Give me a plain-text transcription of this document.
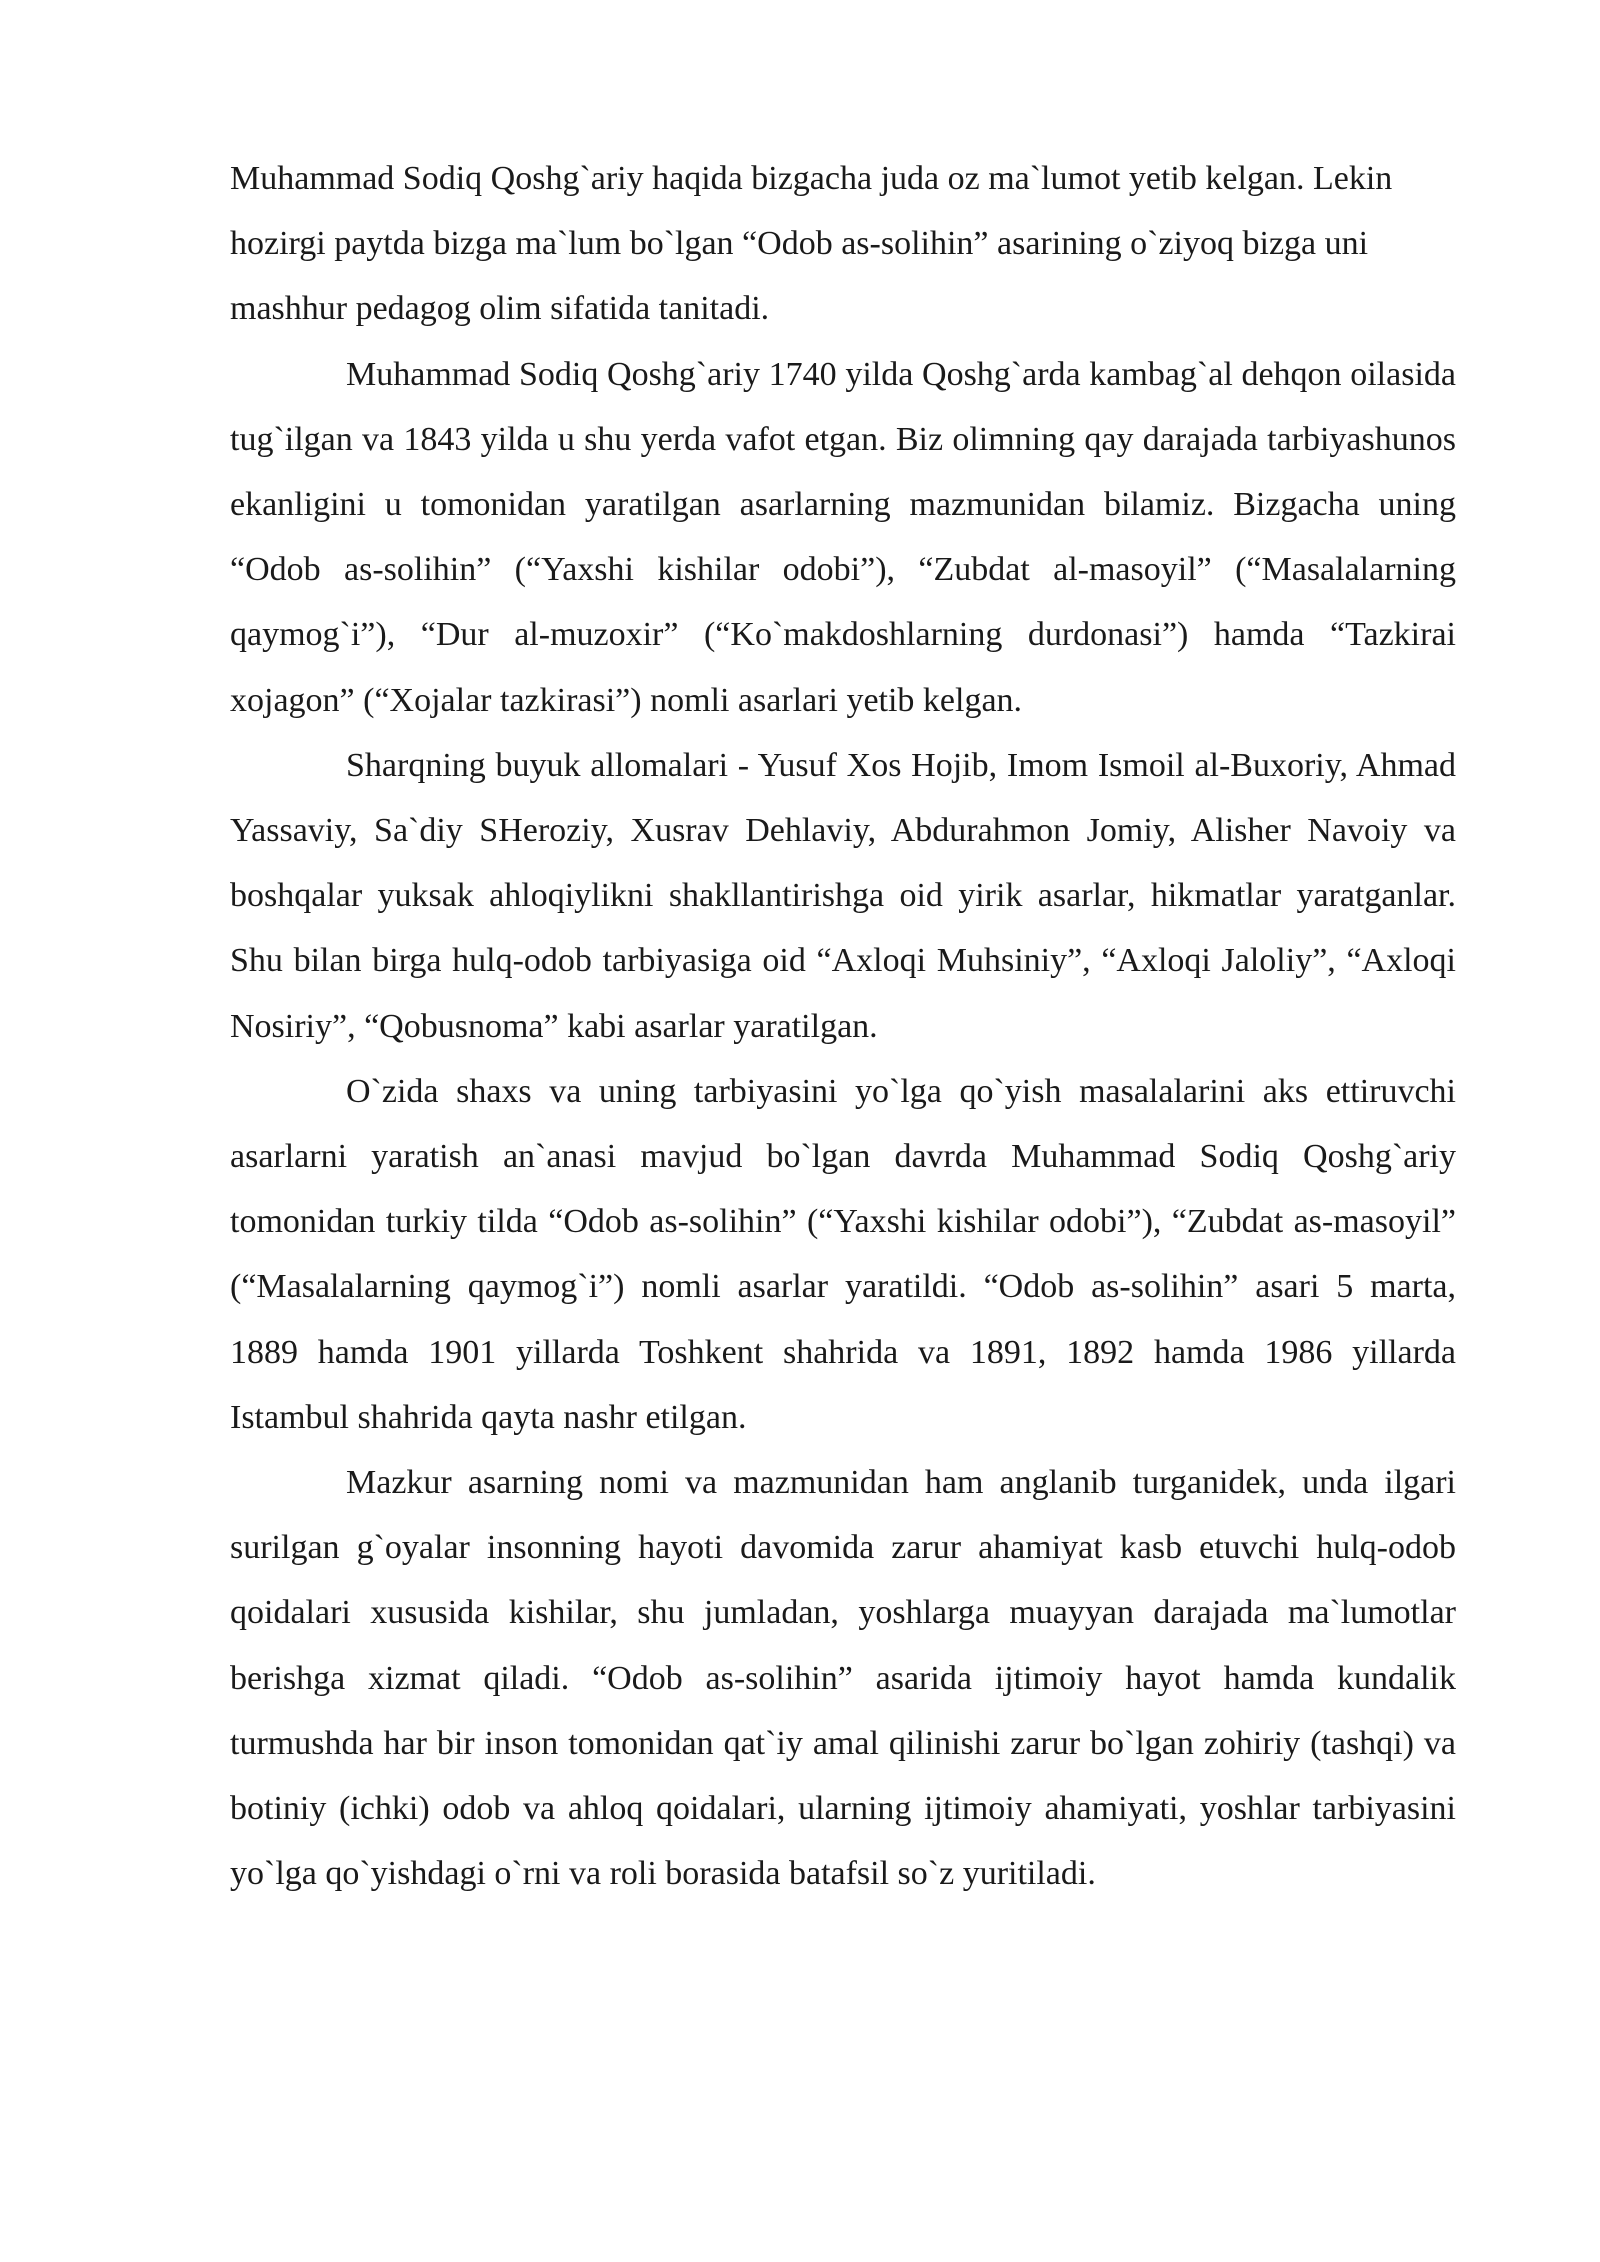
Muhammad Sodiq Qoshg`ariy haqida bizgacha juda oz ma`lumot yetib kelgan. Lekin hozirgi paytda bizga ma`lum bo`lgan “Odob as-solihin” asarining o`ziyoq bizga uni mashhur pedagog olim sifatida tanitadi.

Muhammad Sodiq Qoshg`ariy 1740 yilda Qoshg`arda kambag`al dehqon oilasida tug`ilgan va 1843 yilda u shu yerda vafot etgan. Biz olimning qay darajada tarbiyashunos ekanligini u tomonidan yaratilgan asarlarning mazmunidan bilamiz. Bizgacha uning “Odob as-solihin” (“Yaxshi kishilar odobi”), “Zubdat al-masoyil” (“Masalalarning qaymog`i”), “Dur al-muzoxir” (“Ko`makdoshlarning durdonasi”) hamda “Tazkirai xojagon” (“Xojalar tazkirasi”) nomli asarlari yetib kelgan.

Sharqning buyuk allomalari - Yusuf Xos Hojib, Imom Ismoil al-Buxoriy, Ahmad Yassaviy, Sa`diy SHeroziy, Xusrav Dehlaviy, Abdurahmon Jomiy, Alisher Navoiy va boshqalar yuksak ahloqiylikni shakllantirishga oid yirik asarlar, hikmatlar yaratganlar. Shu bilan birga hulq-odob tarbiyasiga oid “Axloqi Muhsiniy”, “Axloqi Jaloliy”, “Axloqi Nosiriy”, “Qobusnoma” kabi asarlar yaratilgan.

O`zida shaxs va uning tarbiyasini yo`lga qo`yish masalalarini aks ettiruvchi asarlarni yaratish an`anasi mavjud bo`lgan davrda Muhammad Sodiq Qoshg`ariy tomonidan turkiy tilda “Odob as-solihin” (“Yaxshi kishilar odobi”), “Zubdat as-masoyil” (“Masalalarning qaymog`i”) nomli asarlar yaratildi. “Odob as-solihin” asari 5 marta, 1889 hamda 1901 yillarda Toshkent shahrida va 1891, 1892 hamda 1986 yillarda Istambul shahrida qayta nashr etilgan.

Mazkur asarning nomi va mazmunidan ham anglanib turganidek, unda ilgari surilgan g`oyalar insonning hayoti davomida zarur ahamiyat kasb etuvchi hulq-odob qoidalari xususida kishilar, shu jumladan, yoshlarga muayyan darajada ma`lumotlar berishga xizmat qiladi. “Odob as-solihin” asarida ijtimoiy hayot hamda kundalik turmushda har bir inson tomonidan qat`iy amal qilinishi zarur bo`lgan zohiriy (tashqi) va botiniy (ichki) odob va ahloq qoidalari, ularning ijtimoiy ahamiyati, yoshlar tarbiyasini yo`lga qo`yishdagi o`rni va roli borasida batafsil so`z yuritiladi.
